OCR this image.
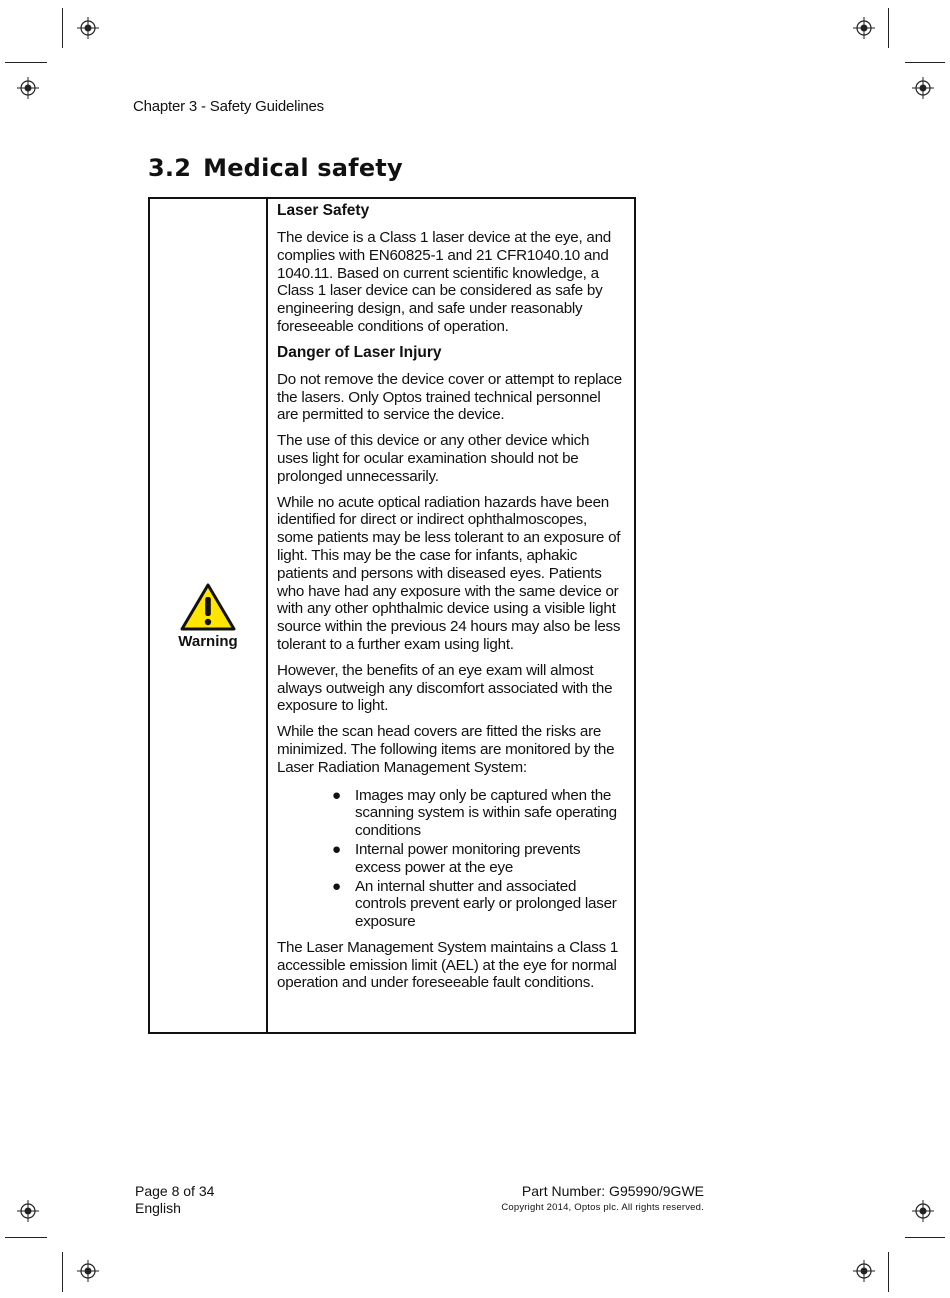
Chapter 3 - Safety Guidelines
3.2 Medical safety
Warning
Laser Safety

The device is a Class 1 laser device at the eye, and complies with EN60825-1 and 21 CFR1040.10 and 1040.11. Based on current scientific knowledge, a Class 1 laser device can be considered as safe by engineering design, and safe under reasonably foreseeable conditions of operation.

Danger of Laser Injury

Do not remove the device cover or attempt to replace the lasers. Only Optos trained technical personnel are permitted to service the device.

The use of this device or any other device which uses light for ocular examination should not be prolonged unnecessarily.

While no acute optical radiation hazards have been identified for direct or indirect ophthalmoscopes, some patients may be less tolerant to an exposure of light. This may be the case for infants, aphakic patients and persons with diseased eyes. Patients who have had any exposure with the same device or with any other ophthalmic device using a visible light source within the previous 24 hours may also be less tolerant to a further exam using light.

However, the benefits of an eye exam will almost always outweigh any discomfort associated with the exposure to light.

While the scan head covers are fitted the risks are minimized. The following items are monitored by the Laser Radiation Management System:

● Images may only be captured when the scanning system is within safe operating conditions
● Internal power monitoring prevents excess power at the eye
● An internal shutter and associated controls prevent early or prolonged laser exposure

The Laser Management System maintains a Class 1 accessible emission limit (AEL) at the eye for normal operation and under foreseeable fault conditions.

Page 8 of 34
English
Part Number: G95990/9GWE
Copyright 2014, Optos plc. All rights reserved.
